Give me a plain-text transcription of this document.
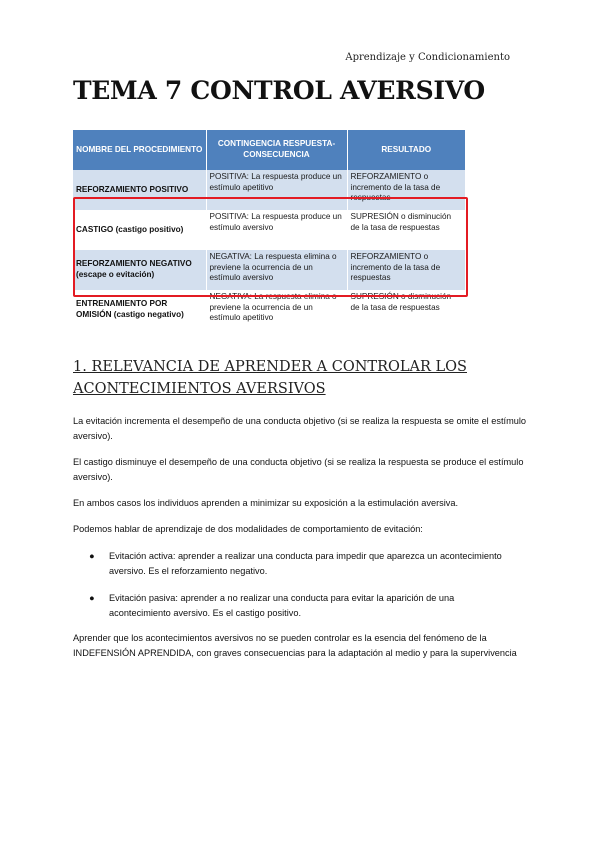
Aprendizaje y Condicionamiento
TEMA 7 CONTROL AVERSIVO
NOMBRE DEL PROCEDIMIENTO	CONTINGENCIA RESPUESTA-CONSECUENCIA	RESULTADO
REFORZAMIENTO POSITIVO	POSITIVA: La respuesta produce un estímulo apetitivo	REFORZAMIENTO o incremento de la tasa de respuestas
CASTIGO (castigo positivo)	POSITIVA: La respuesta produce un estímulo aversivo	SUPRESIÓN o disminución de la tasa de respuestas
REFORZAMIENTO NEGATIVO (escape o evitación)	NEGATIVA: La respuesta elimina o previene la ocurrencia de un estímulo aversivo	REFORZAMIENTO o incremento de la tasa de respuestas
ENTRENAMIENTO POR OMISIÓN (castigo negativo)	NEGATIVA: La respuesta elimina o previene la ocurrencia de un estímulo apetitivo	SUPRESIÓN o disminución de la tasa de respuestas
1. RELEVANCIA DE APRENDER A CONTROLAR LOS ACONTECIMIENTOS AVERSIVOS

La evitación incrementa el desempeño de una conducta objetivo (si se realiza la respuesta se omite el estímulo aversivo).

El castigo disminuye el desempeño de una conducta objetivo (si se realiza la respuesta se produce el estímulo aversivo).

En ambos casos los individuos aprenden a minimizar su exposición a la estimulación aversiva.

Podemos hablar de aprendizaje de dos modalidades de comportamiento de evitación:

● Evitación activa: aprender a realizar una conducta para impedir que aparezca un acontecimiento aversivo. Es el reforzamiento negativo.
● Evitación pasiva: aprender a no realizar una conducta para evitar la aparición de una acontecimiento aversivo. Es el castigo positivo.

Aprender que los acontecimientos aversivos no se pueden controlar es la esencia del fenómeno de la INDEFENSIÓN APRENDIDA, con graves consecuencias para la adaptación al medio y para la supervivencia
